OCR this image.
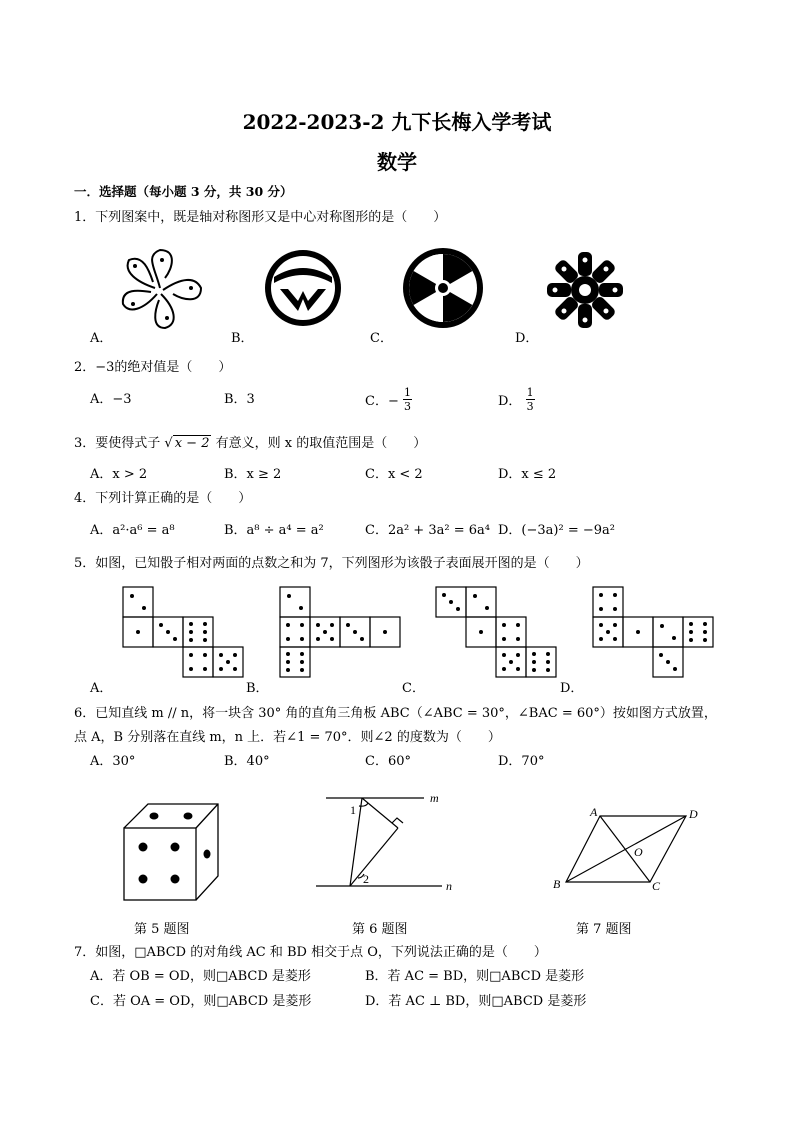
2022-2023-2 九下长梅入学考试
数学
一．选择题（每小题 3 分，共 30 分）
1．下列图案中，既是轴对称图形又是中心对称图形的是（　　）
A．	B．	C．	D．
2．−3的绝对值是（　　）
A．−3	B．3	C．− $\frac{1}{3}$	D． $\frac{1}{3}$
3．要使得式子 √ x − 2 有意义，则 x 的取值范围是（　　）
A．x > 2	B．x ≥ 2	C．x < 2	D．x ≤ 2
4．下列计算正确的是（　　）
A．a²·a⁶ = a⁸	B．a⁸ ÷ a⁴ = a²	C．2a² + 3a² = 6a⁴ D．(−3a)² = −9a²
5．如图，已知骰子相对两面的点数之和为 7，下列图形为该骰子表面展开图的是（　　）
A．	B．	C．	D．
6．已知直线 m // n，将一块含 30° 角的直角三角板 ABC（∠ABC = 30°，∠BAC = 60°）按如图方式放置，
点 A，B 分别落在直线 m，n 上．若∠1 = 70°．则∠2 的度数为（　　）
A．30°	B．40°	C．60°	D．70°
第 5 题图
m
n
1
2
第 6 题图
A	D
B	C
O
第 7 题图
7．如图，□ABCD 的对角线 AC 和 BD 相交于点 O，下列说法正确的是（　　）
A．若 OB = OD，则□ABCD 是菱形	B．若 AC = BD，则□ABCD 是菱形
C．若 OA = OD，则□ABCD 是菱形	D．若 AC ⊥ BD，则□ABCD 是菱形
